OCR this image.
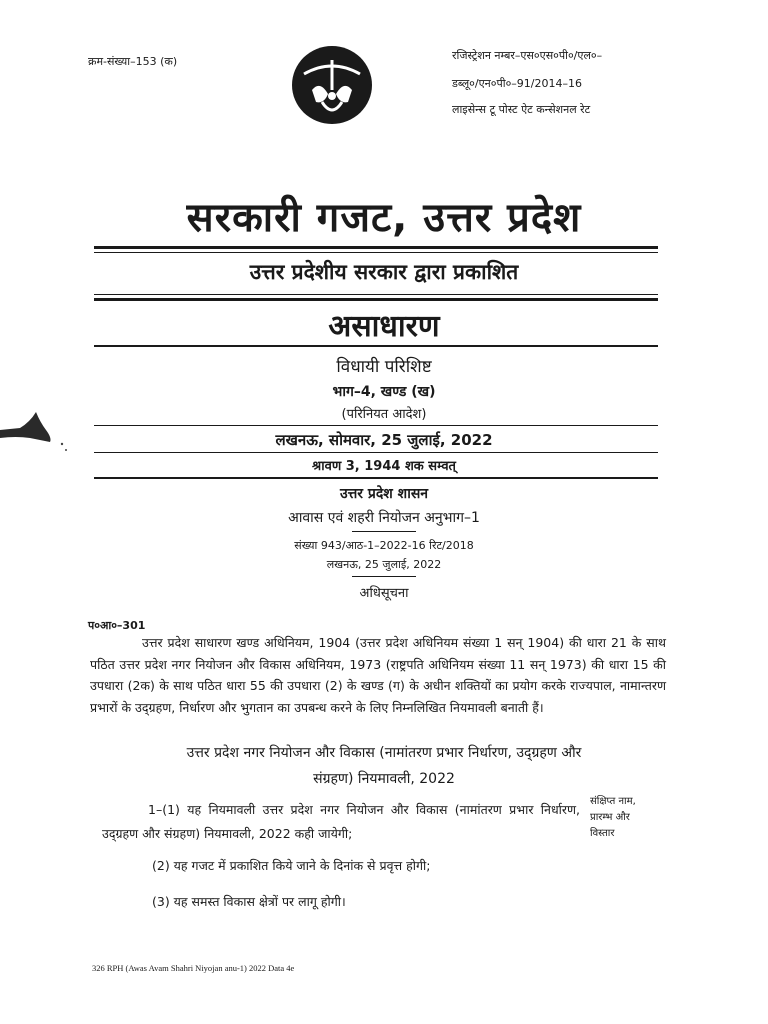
क्रम-संख्या–153 (क)	रजिस्ट्रेशन नम्बर–एस०एस०पी०/एल०–
डब्लू०/एन०पी०–91/2014–16
लाइसेन्स टू पोस्ट ऐट कन्सेशनल रेट
सरकारी गजट, उत्तर प्रदेश
उत्तर प्रदेशीय सरकार द्वारा प्रकाशित
असाधारण
विधायी परिशिष्ट
भाग–4, खण्ड (ख)
(परिनियत आदेश)
लखनऊ, सोमवार, 25 जुलाई, 2022
श्रावण 3, 1944 शक सम्वत्
उत्तर प्रदेश शासन
आवास एवं शहरी नियोजन अनुभाग–1
संख्या 943/आठ-1–2022-16 रिट/2018
लखनऊ, 25 जुलाई, 2022
अधिसूचना
प०आ०–301
उत्तर प्रदेश साधारण खण्ड अधिनियम, 1904 (उत्तर प्रदेश अधिनियम संख्या 1 सन् 1904) की धारा 21 के साथ पठित उत्तर प्रदेश नगर नियोजन और विकास अधिनियम, 1973 (राष्ट्रपति अधिनियम संख्या 11 सन् 1973) की धारा 15 की उपधारा (2क) के साथ पठित धारा 55 की उपधारा (2) के खण्ड (ग) के अधीन शक्तियों का प्रयोग करके राज्यपाल, नामान्तरण प्रभारों के उद्ग्रहण, निर्धारण और भुगतान का उपबन्ध करने के लिए निम्नलिखित नियमावली बनाती हैं।
उत्तर प्रदेश नगर नियोजन और विकास (नामांतरण प्रभार निर्धारण, उद्ग्रहण और
संग्रहण) नियमावली, 2022
1–(1) यह नियमावली उत्तर प्रदेश नगर नियोजन और विकास (नामांतरण प्रभार निर्धारण, उद्ग्रहण और संग्रहण) नियमावली, 2022 कही जायेगी;
संक्षिप्त नाम,
प्रारम्भ और
विस्तार
(2) यह गजट में प्रकाशित किये जाने के दिनांक से प्रवृत्त होगी;
(3) यह समस्त विकास क्षेत्रों पर लागू होगी।
326 RPH (Awas Avam Shahri Niyojan anu-1) 2022 Data 4e
